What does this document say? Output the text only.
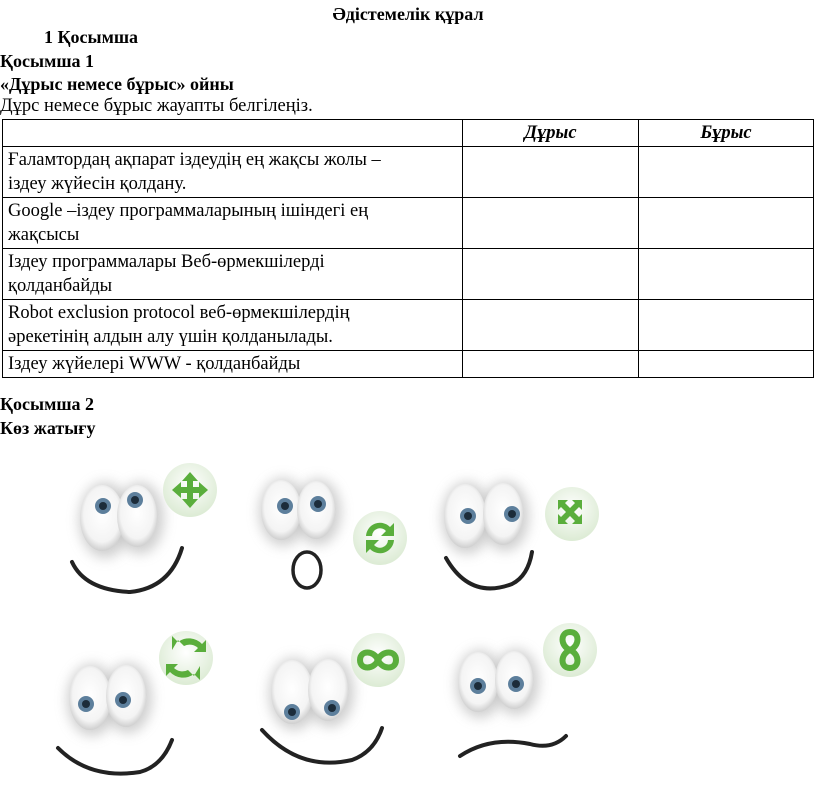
Әдістемелік құрал
1 Қосымша
Қосымша 1
«Дұрыс немесе бұрыс» ойны
Дұрс немесе бұрыс жауапты белгілеңіз.
	Дұрыс	Бұрыс

Ғаламтордаң ақпарат іздеудің ең жақсы жолы –
іздеу жүйесін қолдану.		

Google –іздеу программаларының ішіндегі ең
жақсысы		

Іздеу программалары Веб-өрмекшілерді
қолданбайды		

Robot exclusion protocol веб-өрмекшілердің
әрекетінің алдын алу үшін қолданылады.		

Іздеу жүйелері WWW - қолданбайды		

Қосымша 2
Көз жатығу
